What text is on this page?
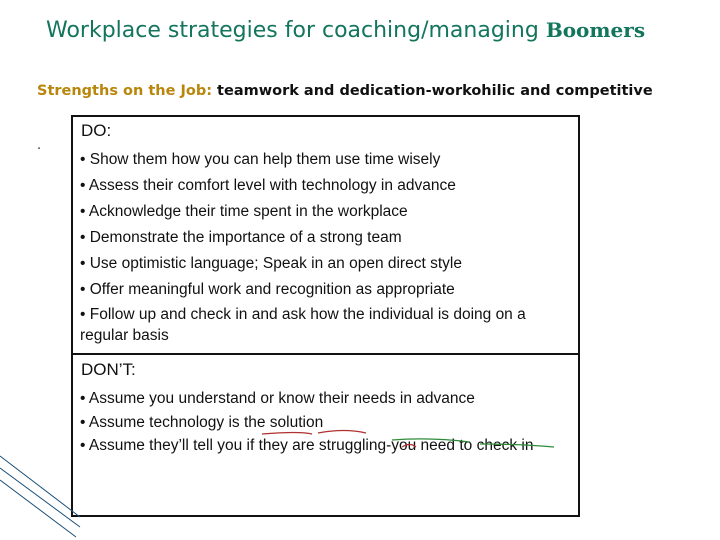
Workplace strategies for coaching/managing Boomers
Strengths on the Job: teamwork and dedication-workohilic and competitive
.
DO:
• Show them how you can help them use time wisely
• Assess their comfort level with technology in advance
• Acknowledge their time spent in the workplace
• Demonstrate the importance of a strong team
• Use optimistic language; Speak in an open direct style
• Offer meaningful work and recognition as appropriate
• Follow up and check in and ask how the individual is doing on a regular basis
DON’T:
• Assume you understand or know their needs in advance
• Assume technology is the solution
• Assume they’ll tell you if they are struggling-you need to check in
